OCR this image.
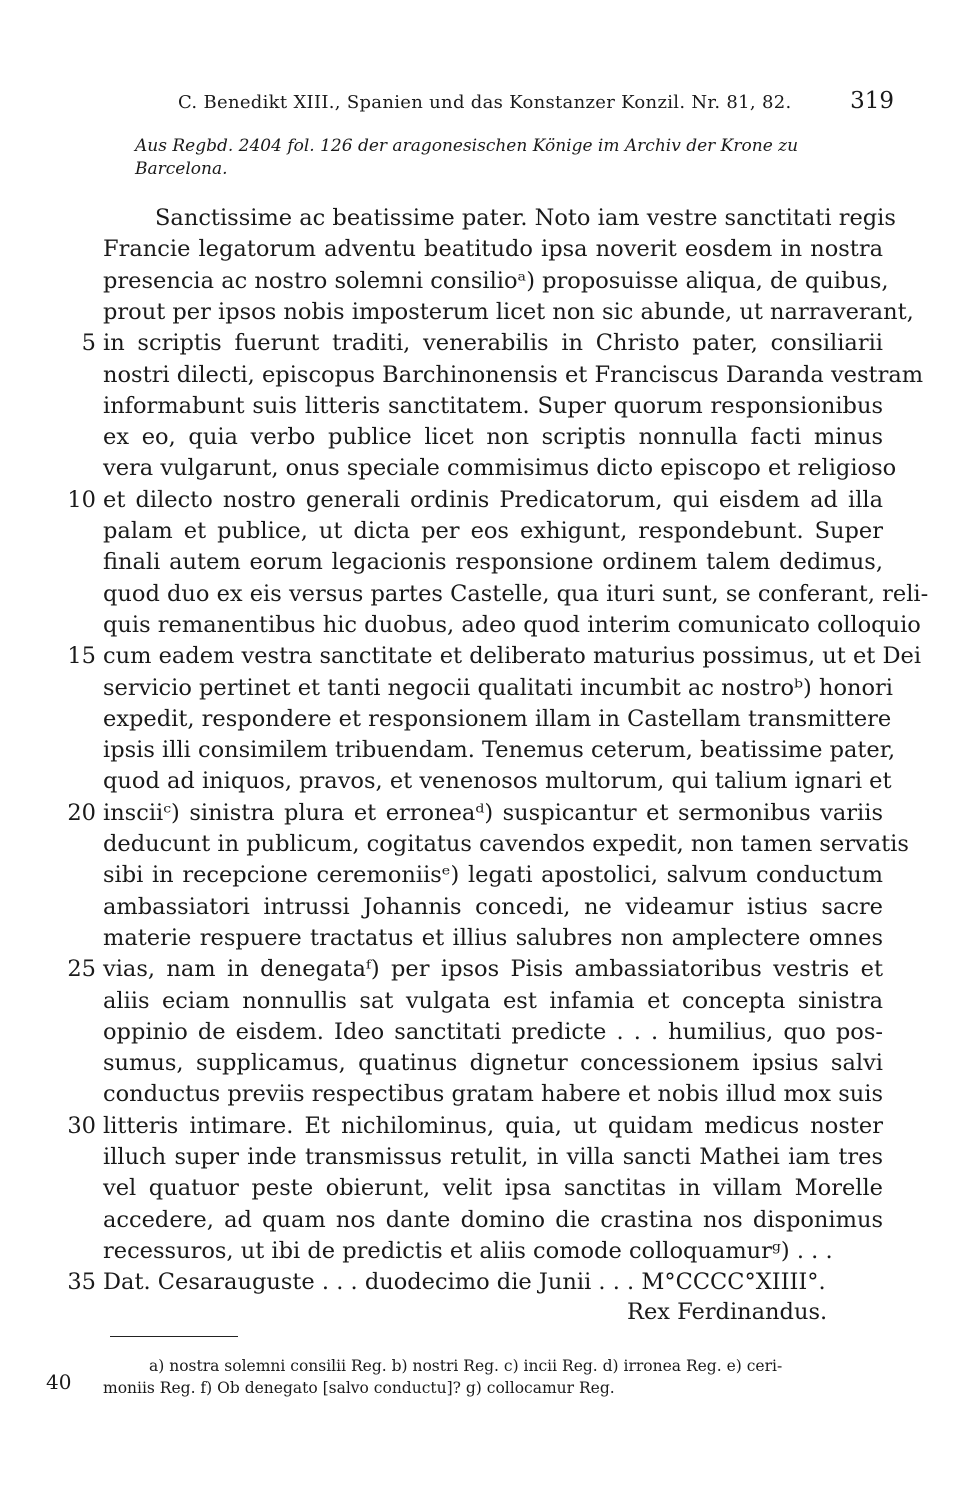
C. Benedikt XIII., Spanien und das Konstanzer Konzil. Nr. 81, 82.	319
Aus Regbd. 2404 fol. 126 der aragonesischen Könige im Archiv der Krone zu
Barcelona.
Sanctissime ac beatissime pater. Noto iam vestre sanctitati regis
Francie legatorum adventu beatitudo ipsa noverit eosdem in nostra
presencia ac nostro solemni consilioᵃ) proposuisse aliqua, de quibus,
prout per ipsos nobis imposterum licet non sic abunde, ut narraverant,
in scriptis fuerunt traditi, venerabilis in Christo pater, consiliarii
nostri dilecti, episcopus Barchinonensis et Franciscus Daranda vestram
informabunt suis litteris sanctitatem. Super quorum responsionibus
ex eo, quia verbo publice licet non scriptis nonnulla facti minus
vera vulgarunt, onus speciale commisimus dicto episcopo et religioso
et dilecto nostro generali ordinis Predicatorum, qui eisdem ad illa
palam et publice, ut dicta per eos exhigunt, respondebunt. Super
finali autem eorum legacionis responsione ordinem talem dedimus,
quod duo ex eis versus partes Castelle, qua ituri sunt, se conferant, reli-
quis remanentibus hic duobus, adeo quod interim comunicato colloquio
cum eadem vestra sanctitate et deliberato maturius possimus, ut et Dei
servicio pertinet et tanti negocii qualitati incumbit ac nostroᵇ) honori
expedit, respondere et responsionem illam in Castellam transmittere
ipsis illi consimilem tribuendam. Tenemus ceterum, beatissime pater,
quod ad iniquos, pravos, et venenosos multorum, qui talium ignari et
insciiᶜ) sinistra plura et erroneaᵈ) suspicantur et sermonibus variis
deducunt in publicum, cogitatus cavendos expedit, non tamen servatis
sibi in recepcione ceremoniisᵉ) legati apostolici, salvum conductum
ambassiatori intrussi Johannis concedi, ne videamur istius sacre
materie respuere tractatus et illius salubres non amplectere omnes
vias, nam in denegataᶠ) per ipsos Pisis ambassiatoribus vestris et
aliis eciam nonnullis sat vulgata est infamia et concepta sinistra
oppinio de eisdem. Ideo sanctitati predicte . . . humilius, quo pos-
sumus, supplicamus, quatinus dignetur concessionem ipsius salvi
conductus previis respectibus gratam habere et nobis illud mox suis
litteris intimare. Et nichilominus, quia, ut quidam medicus noster
illuch super inde transmissus retulit, in villa sancti Mathei iam tres
vel quatuor peste obierunt, velit ipsa sanctitas in villam Morelle
accedere, ad quam nos dante domino die crastina nos disponimus
recessuros, ut ibi de predictis et aliis comode colloquamurᵍ) . . .
Dat. Cesarauguste . . . duodecimo die Junii . . . M°CCCC°XIIII°.
5
10
15
20
25
30
35
Rex Ferdinandus.
40
a) nostra solemni consilii Reg. b) nostri Reg. c) incii Reg. d) irronea Reg. e) ceri-
moniis Reg. f) Ob denegato [salvo conductu]? g) collocamur Reg.
